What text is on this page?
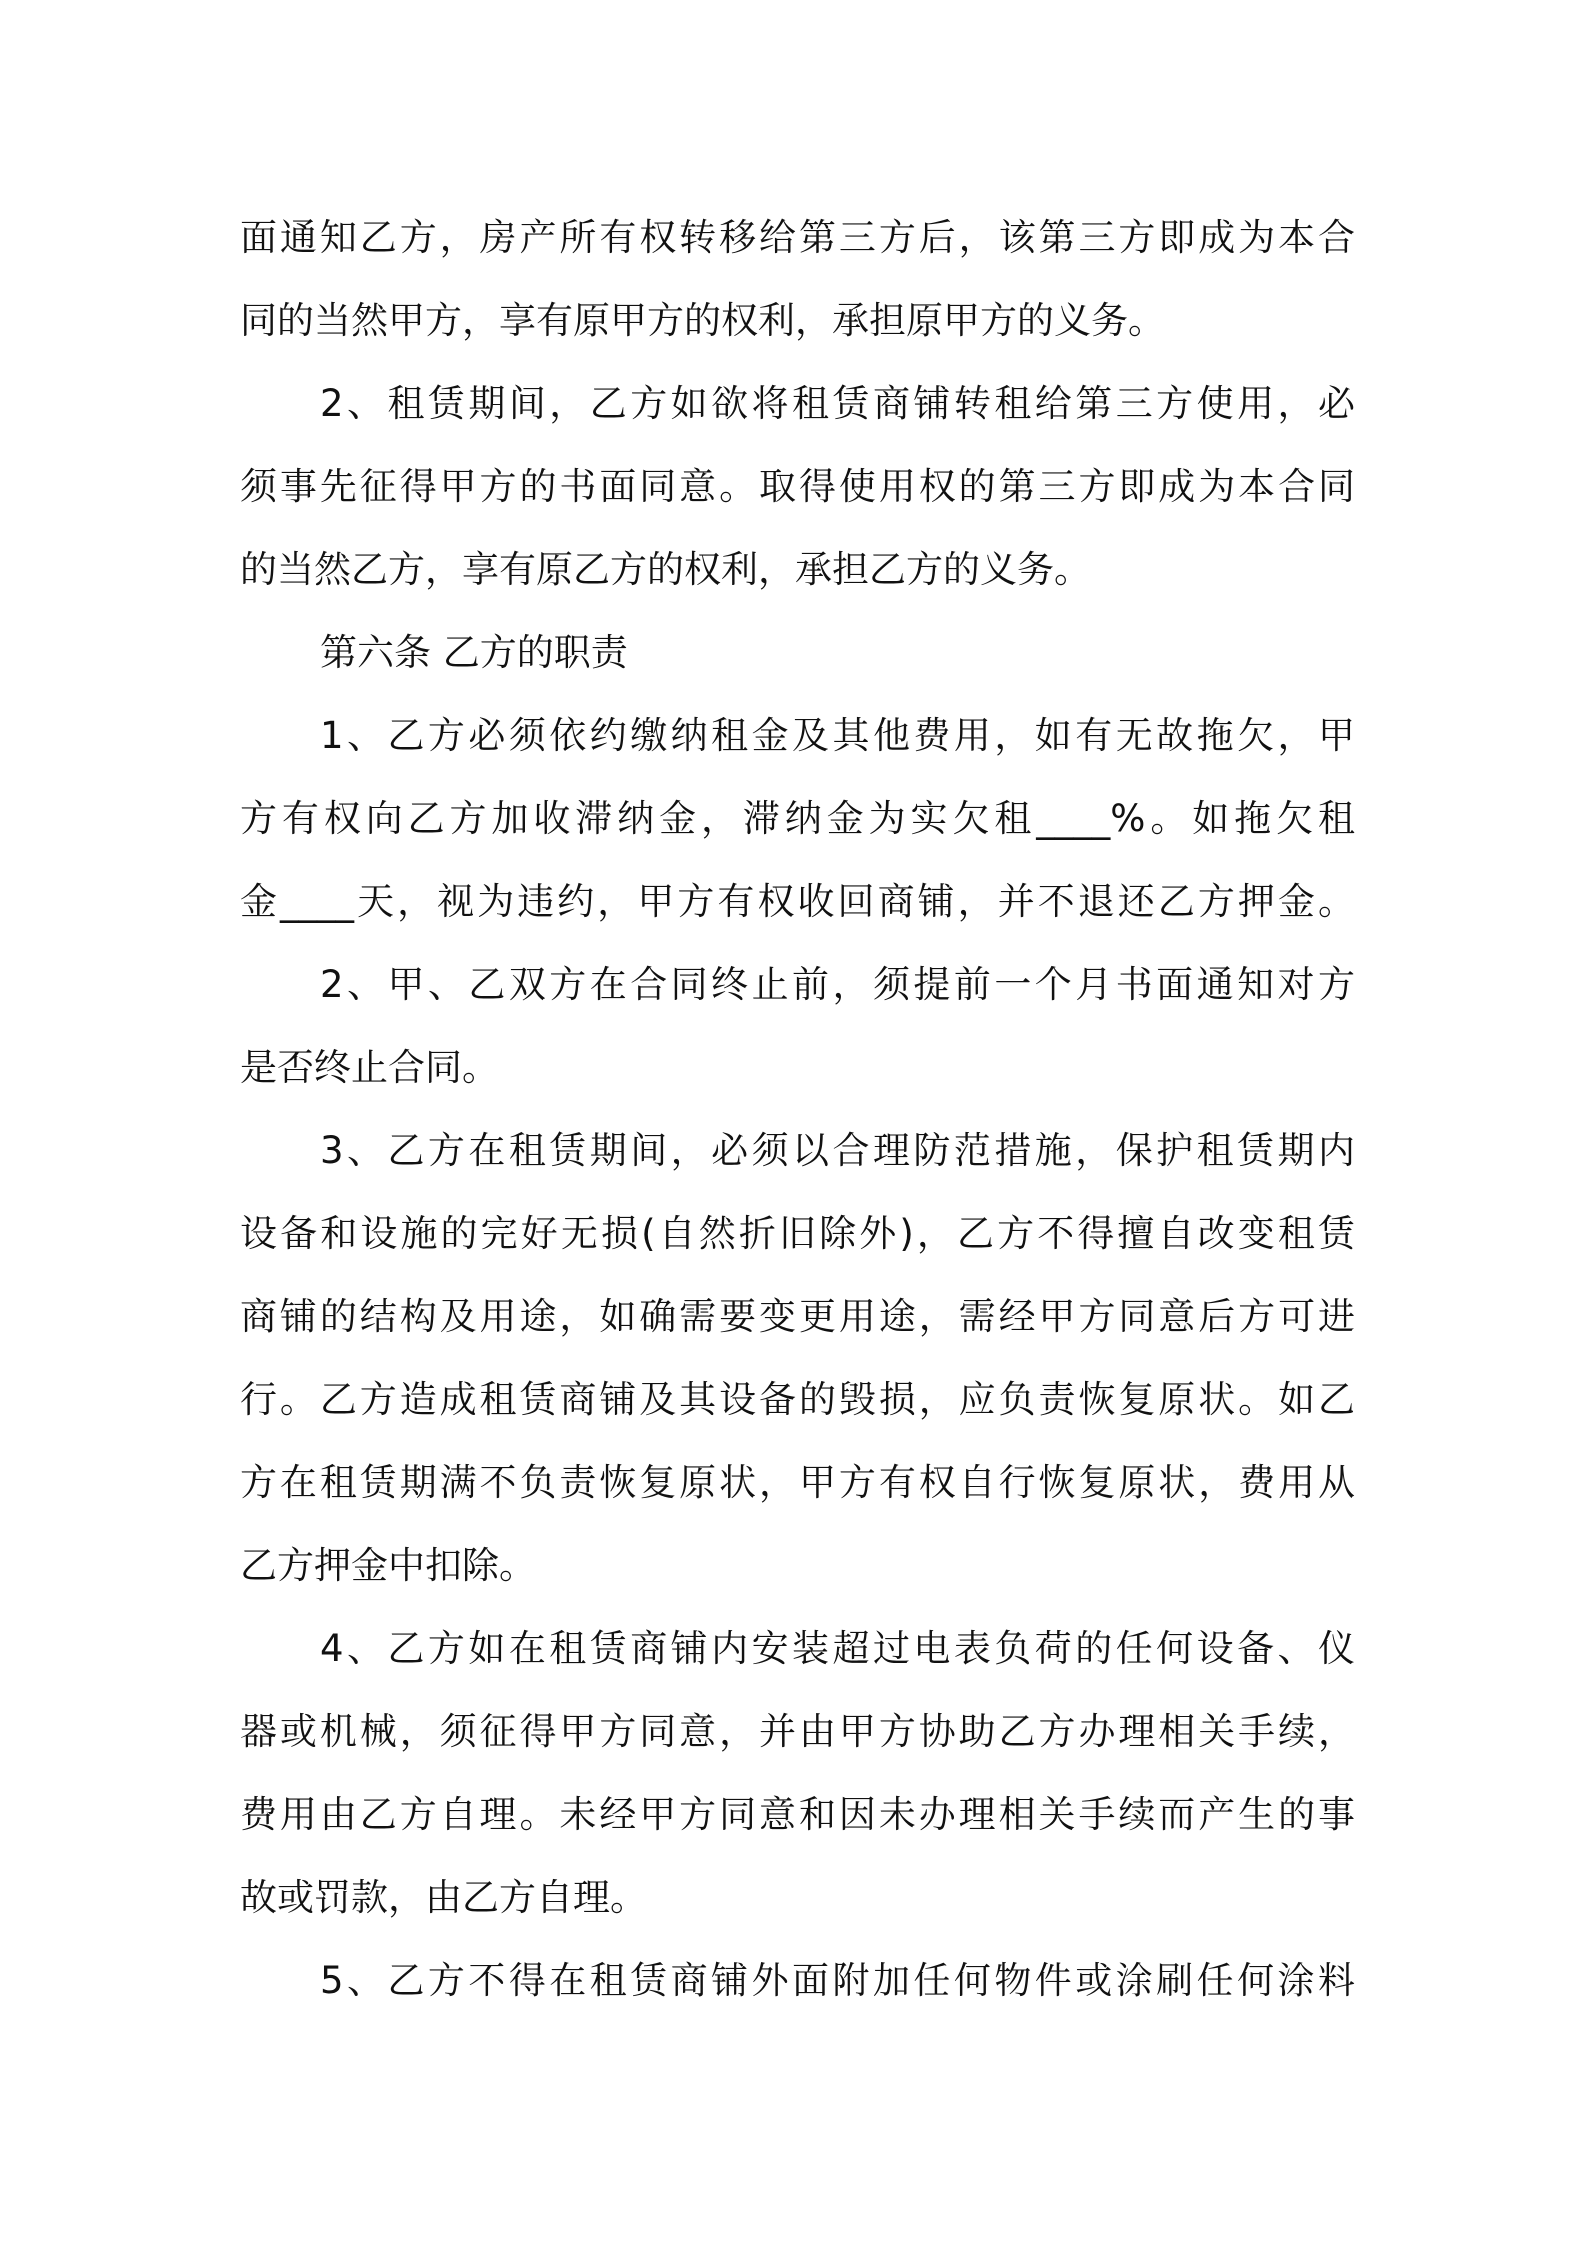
面通知乙方，房产所有权转移给第三方后，该第三方即成为本合
同的当然甲方，享有原甲方的权利，承担原甲方的义务。
2、租赁期间，乙方如欲将租赁商铺转租给第三方使用，必
须事先征得甲方的书面同意。取得使用权的第三方即成为本合同
的当然乙方，享有原乙方的权利，承担乙方的义务。
第六条 乙方的职责
1、乙方必须依约缴纳租金及其他费用，如有无故拖欠，甲
方有权向乙方加收滞纳金，滞纳金为实欠租____%。如拖欠租
金____天，视为违约，甲方有权收回商铺，并不退还乙方押金。
2、甲、乙双方在合同终止前，须提前一个月书面通知对方
是否终止合同。
3、乙方在租赁期间，必须以合理防范措施，保护租赁期内
设备和设施的完好无损(自然折旧除外)，乙方不得擅自改变租赁
商铺的结构及用途，如确需要变更用途，需经甲方同意后方可进
行。乙方造成租赁商铺及其设备的毁损，应负责恢复原状。如乙
方在租赁期满不负责恢复原状，甲方有权自行恢复原状，费用从
乙方押金中扣除。
4、乙方如在租赁商铺内安装超过电表负荷的任何设备、仪
器或机械，须征得甲方同意，并由甲方协助乙方办理相关手续，
费用由乙方自理。未经甲方同意和因未办理相关手续而产生的事
故或罚款，由乙方自理。
5、乙方不得在租赁商铺外面附加任何物件或涂刷任何涂料
